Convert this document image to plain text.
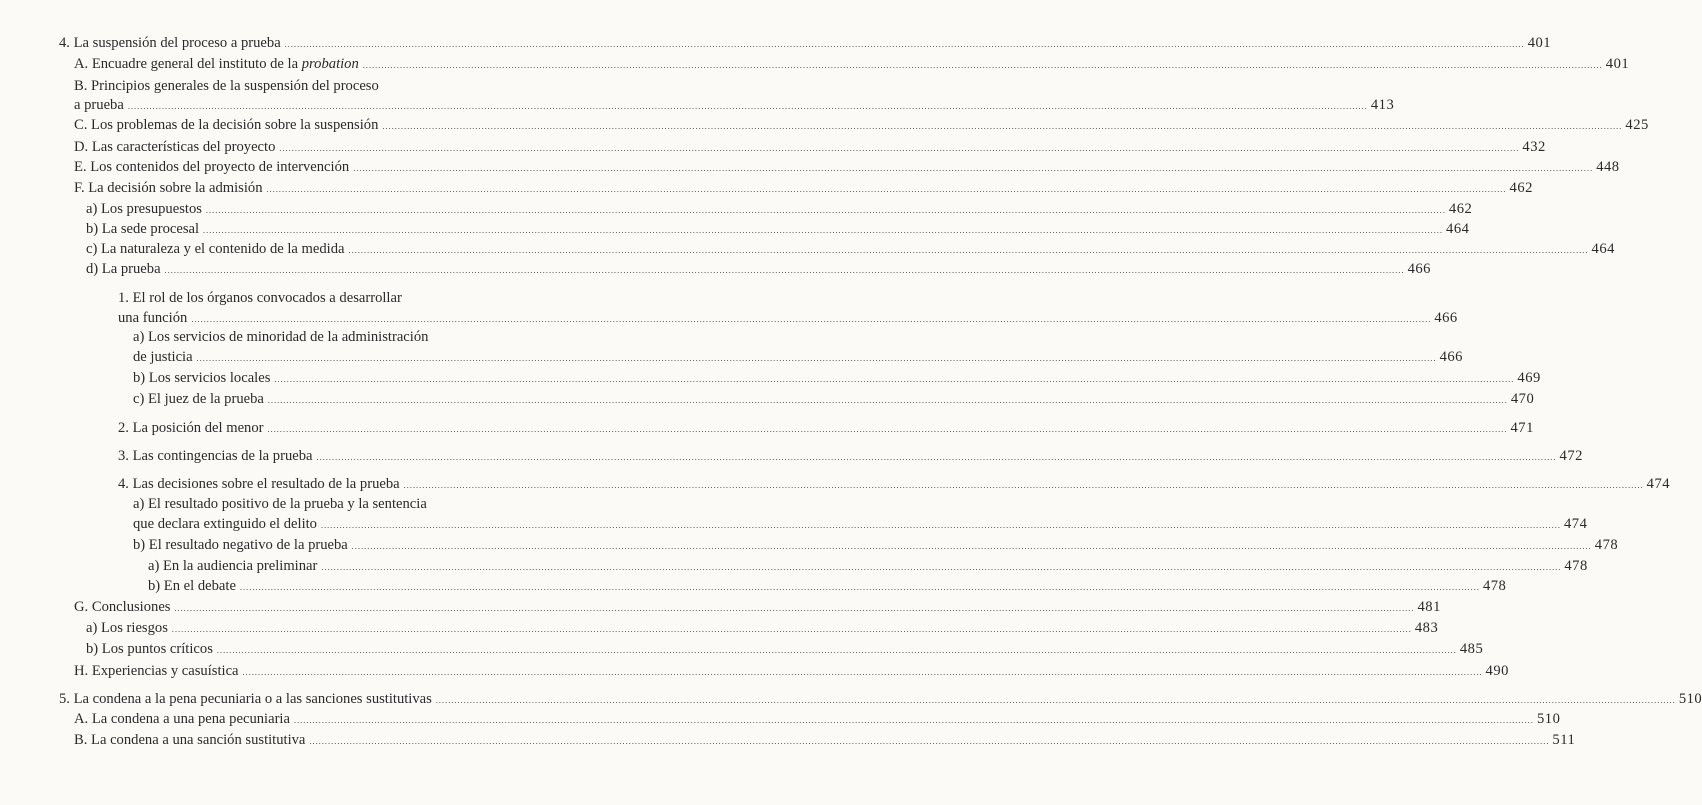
4. La suspensión del proceso a prueba ................................................................................................................................................................................................................................................................................................................................................................................................................ 401
A. Encuadre general del instituto de la probation ................................................................................................................................................................................................................................................................................................................................................................................................................ 401
B. Principios generales de la suspensión del proceso
a prueba ................................................................................................................................................................................................................................................................................................................................................................................................................ 413
C. Los problemas de la decisión sobre la suspensión ................................................................................................................................................................................................................................................................................................................................................................................................................ 425
D. Las características del proyecto ................................................................................................................................................................................................................................................................................................................................................................................................................ 432
E. Los contenidos del proyecto de intervención ................................................................................................................................................................................................................................................................................................................................................................................................................ 448
F. La decisión sobre la admisión ................................................................................................................................................................................................................................................................................................................................................................................................................ 462
a) Los presupuestos ................................................................................................................................................................................................................................................................................................................................................................................................................ 462
b) La sede procesal ................................................................................................................................................................................................................................................................................................................................................................................................................ 464
c) La naturaleza y el contenido de la medida ................................................................................................................................................................................................................................................................................................................................................................................................................ 464
d) La prueba ................................................................................................................................................................................................................................................................................................................................................................................................................ 466
1. El rol de los órganos convocados a desarrollar
una función ................................................................................................................................................................................................................................................................................................................................................................................................................ 466
a) Los servicios de minoridad de la administración
de justicia ................................................................................................................................................................................................................................................................................................................................................................................................................ 466
b) Los servicios locales ................................................................................................................................................................................................................................................................................................................................................................................................................ 469
c) El juez de la prueba ................................................................................................................................................................................................................................................................................................................................................................................................................ 470
2. La posición del menor ................................................................................................................................................................................................................................................................................................................................................................................................................ 471
3. Las contingencias de la prueba ................................................................................................................................................................................................................................................................................................................................................................................................................ 472
4. Las decisiones sobre el resultado de la prueba ................................................................................................................................................................................................................................................................................................................................................................................................................ 474
a) El resultado positivo de la prueba y la sentencia
que declara extinguido el delito ................................................................................................................................................................................................................................................................................................................................................................................................................ 474
b) El resultado negativo de la prueba ................................................................................................................................................................................................................................................................................................................................................................................................................ 478
a) En la audiencia preliminar ................................................................................................................................................................................................................................................................................................................................................................................................................ 478
b) En el debate ................................................................................................................................................................................................................................................................................................................................................................................................................ 478
G. Conclusiones ................................................................................................................................................................................................................................................................................................................................................................................................................ 481
a) Los riesgos ................................................................................................................................................................................................................................................................................................................................................................................................................ 483
b) Los puntos críticos ................................................................................................................................................................................................................................................................................................................................................................................................................ 485
H. Experiencias y casuística ................................................................................................................................................................................................................................................................................................................................................................................................................ 490
5. La condena a la pena pecuniaria o a las sanciones sustitutivas ................................................................................................................................................................................................................................................................................................................................................................................................................ 510
A. La condena a una pena pecuniaria ................................................................................................................................................................................................................................................................................................................................................................................................................ 510
B. La condena a una sanción sustitutiva ................................................................................................................................................................................................................................................................................................................................................................................................................ 511
